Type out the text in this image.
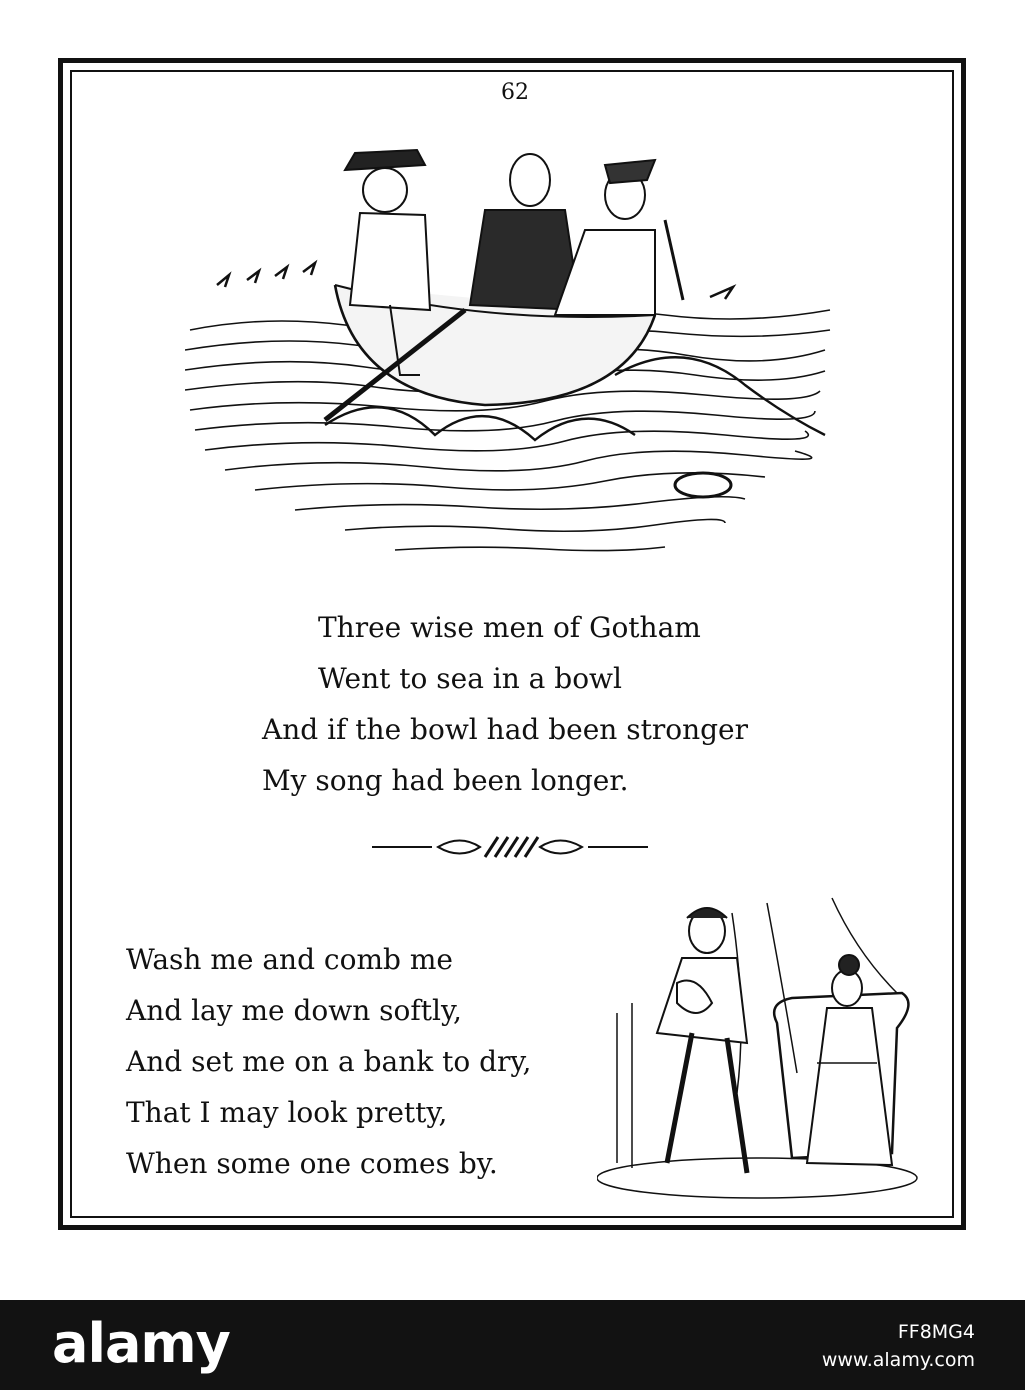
62
Three wise men of Gotham
Went to sea in a bowl
And if the bowl had been stronger
My song had been longer.
Wash me and comb me
And lay me down softly,
And set me on a bank to dry,
That I may look pretty,
When some one comes by.
alamy	FF8MG4
www.alamy.com
